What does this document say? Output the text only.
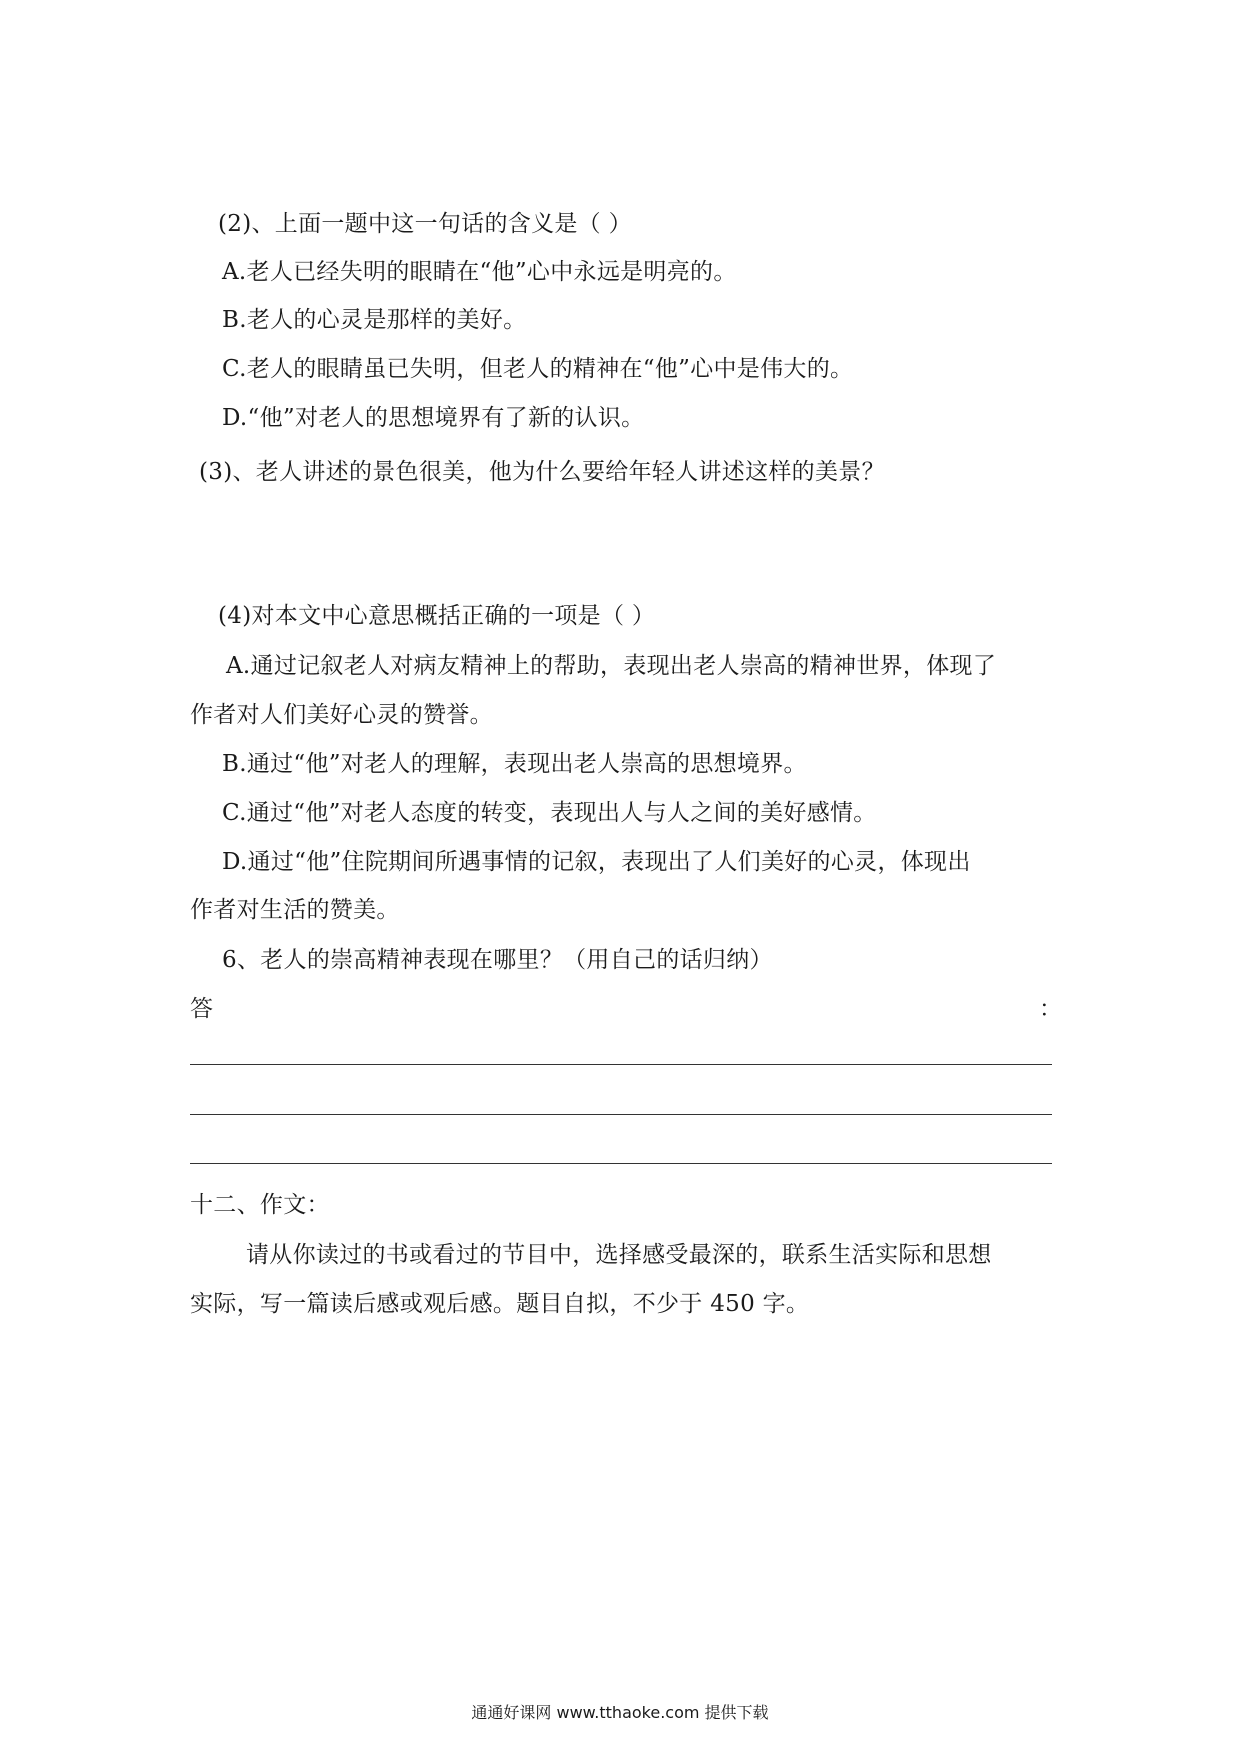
(2)、上面一题中这一句话的含义是（ ）
A.老人已经失明的眼睛在“他”心中永远是明亮的。
B.老人的心灵是那样的美好。
C.老人的眼睛虽已失明，但老人的精神在“他”心中是伟大的。
D.“他”对老人的思想境界有了新的认识。
(3)、老人讲述的景色很美，他为什么要给年轻人讲述这样的美景？
(4)对本文中心意思概括正确的一项是（ ）
A.通过记叙老人对病友精神上的帮助，表现出老人崇高的精神世界，体现了
作者对人们美好心灵的赞誉。
B.通过“他”对老人的理解，表现出老人崇高的思想境界。
C.通过“他”对老人态度的转变，表现出人与人之间的美好感情。
D.通过“他”住院期间所遇事情的记叙，表现出了人们美好的心灵，体现出
作者对生活的赞美。
6、老人的崇高精神表现在哪里？（用自己的话归纳）
答	：
十二、作文：
请从你读过的书或看过的节目中，选择感受最深的，联系生活实际和思想
实际，写一篇读后感或观后感。题目自拟，不少于 450 字。
通通好课网 www.tthaoke.com 提供下载
